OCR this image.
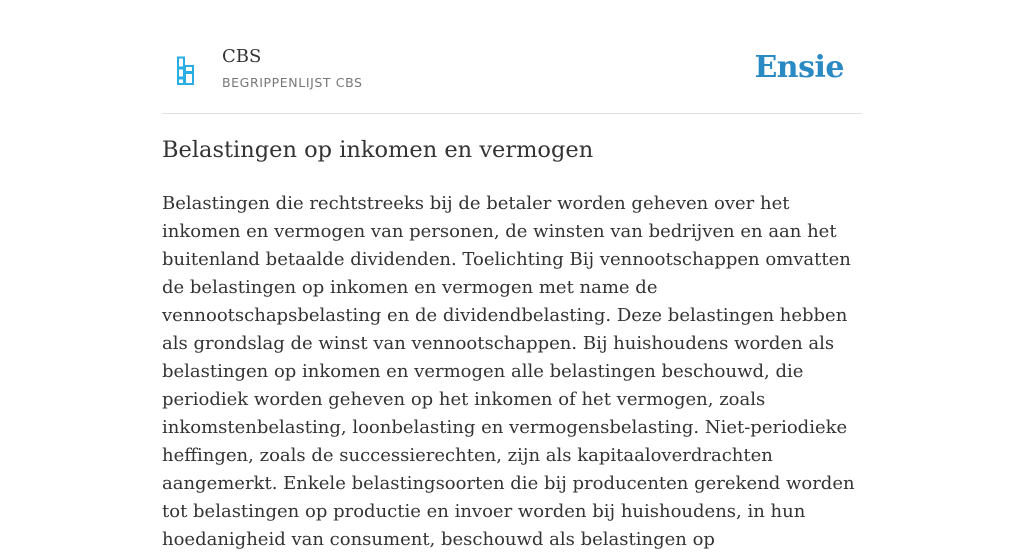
CBS
BEGRIPPENLIJST CBS	Ensie
Belastingen op inkomen en vermogen

Belastingen die rechtstreeks bij de betaler worden geheven over het inkomen en vermogen van personen, de winsten van bedrijven en aan het buitenland betaalde dividenden. Toelichting Bij vennootschappen omvatten de belastingen op inkomen en vermogen met name de vennootschapsbelasting en de dividendbelasting. Deze belastingen hebben als grondslag de winst van vennootschappen. Bij huishoudens worden als belastingen op inkomen en vermogen alle belastingen beschouwd, die periodiek worden geheven op het inkomen of het vermogen, zoals inkomstenbelasting, loonbelasting en vermogensbelasting. Niet-periodieke heffingen, zoals de successierechten, zijn als kapitaaloverdrachten aangemerkt. Enkele belastingsoorten die bij producenten gerekend worden tot belastingen op productie en invoer worden bij huishoudens, in hun hoedanigheid van consument, beschouwd als belastingen op
